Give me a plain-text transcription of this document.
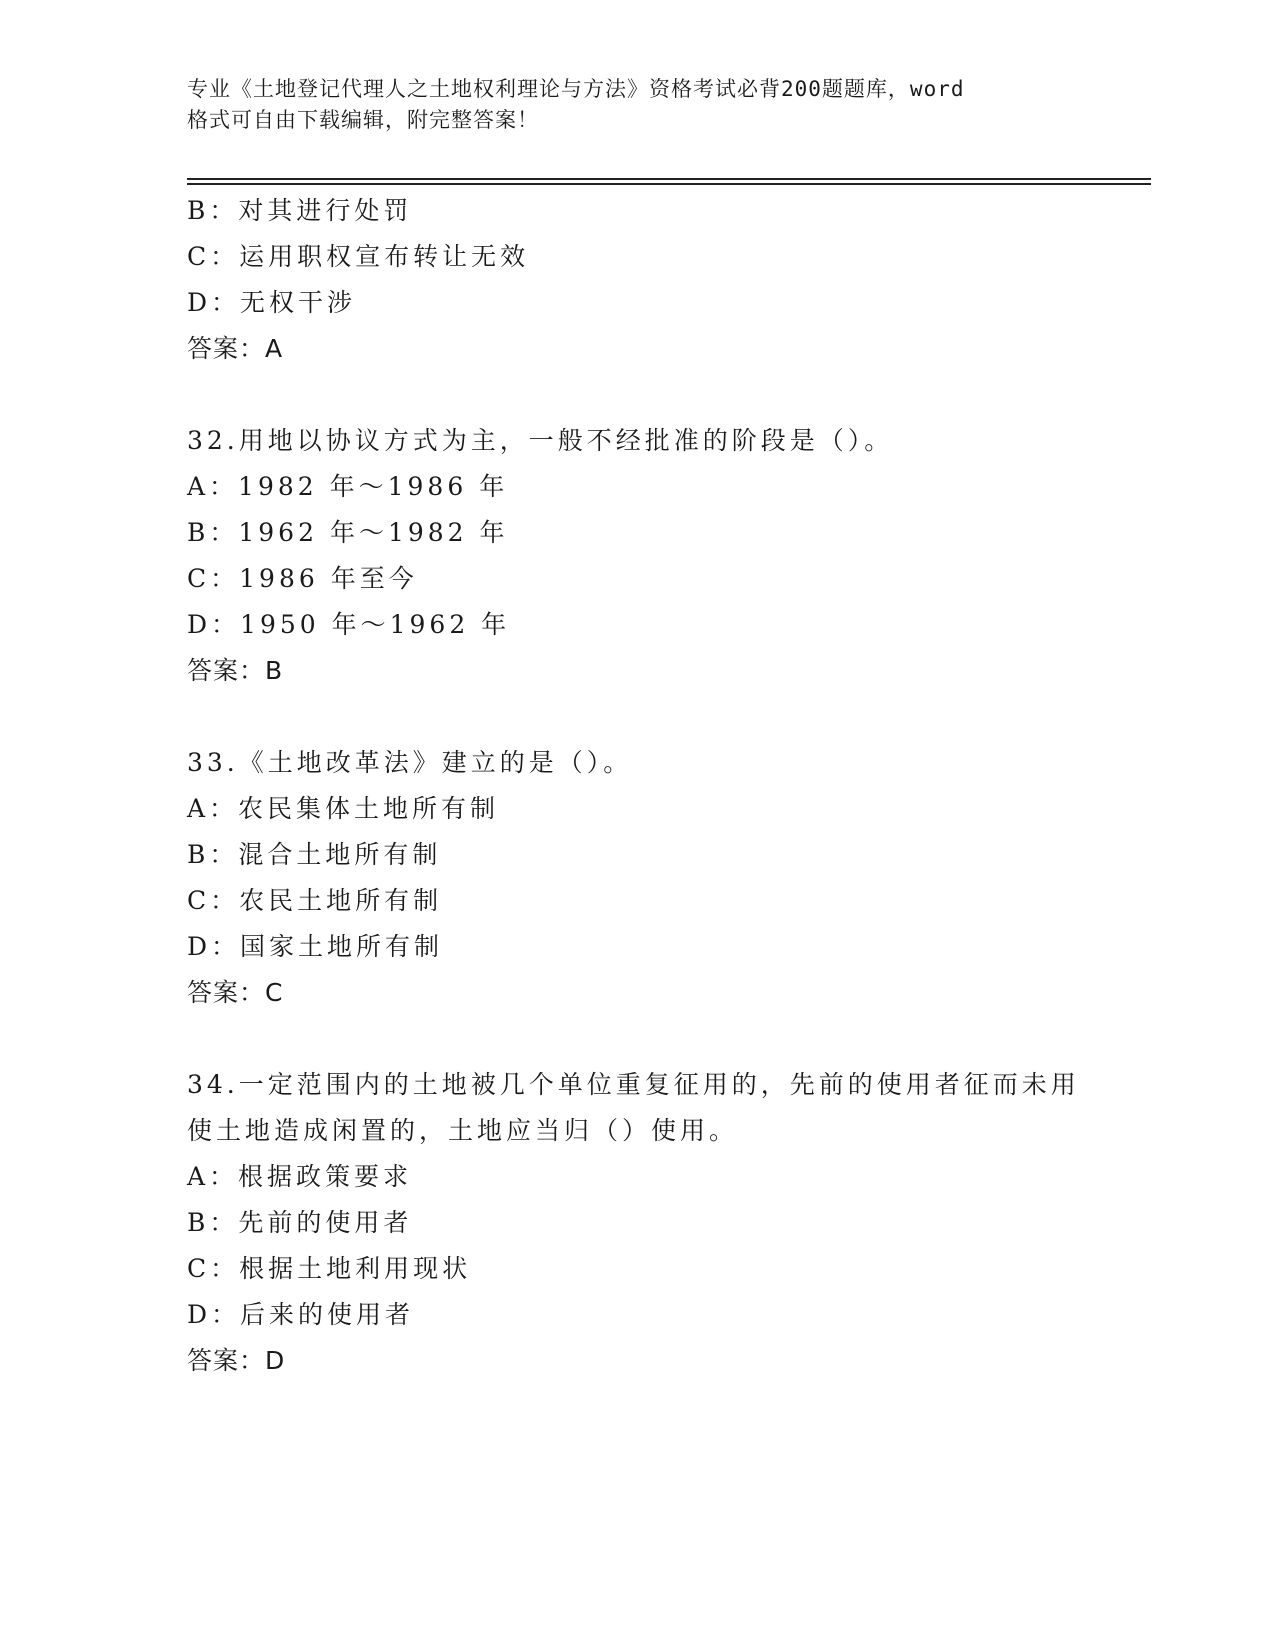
专业《土地登记代理人之土地权利理论与方法》资格考试必背200题题库，word

格式可自由下载编辑，附完整答案！

B：对其进行处罚
C：运用职权宣布转让无效
D：无权干涉
答案：A
32.用地以协议方式为主，一般不经批准的阶段是（）。
A：1982 年～1986 年
B：1962 年～1982 年
C：1986 年至今
D：1950 年～1962 年
答案：B
33.《土地改革法》建立的是（）。
A：农民集体土地所有制
B：混合土地所有制
C：农民土地所有制
D：国家土地所有制
答案：C
34.一定范围内的土地被几个单位重复征用的，先前的使用者征而未用
使土地造成闲置的，土地应当归（）使用。
A：根据政策要求
B：先前的使用者
C：根据土地利用现状
D：后来的使用者
答案：D
